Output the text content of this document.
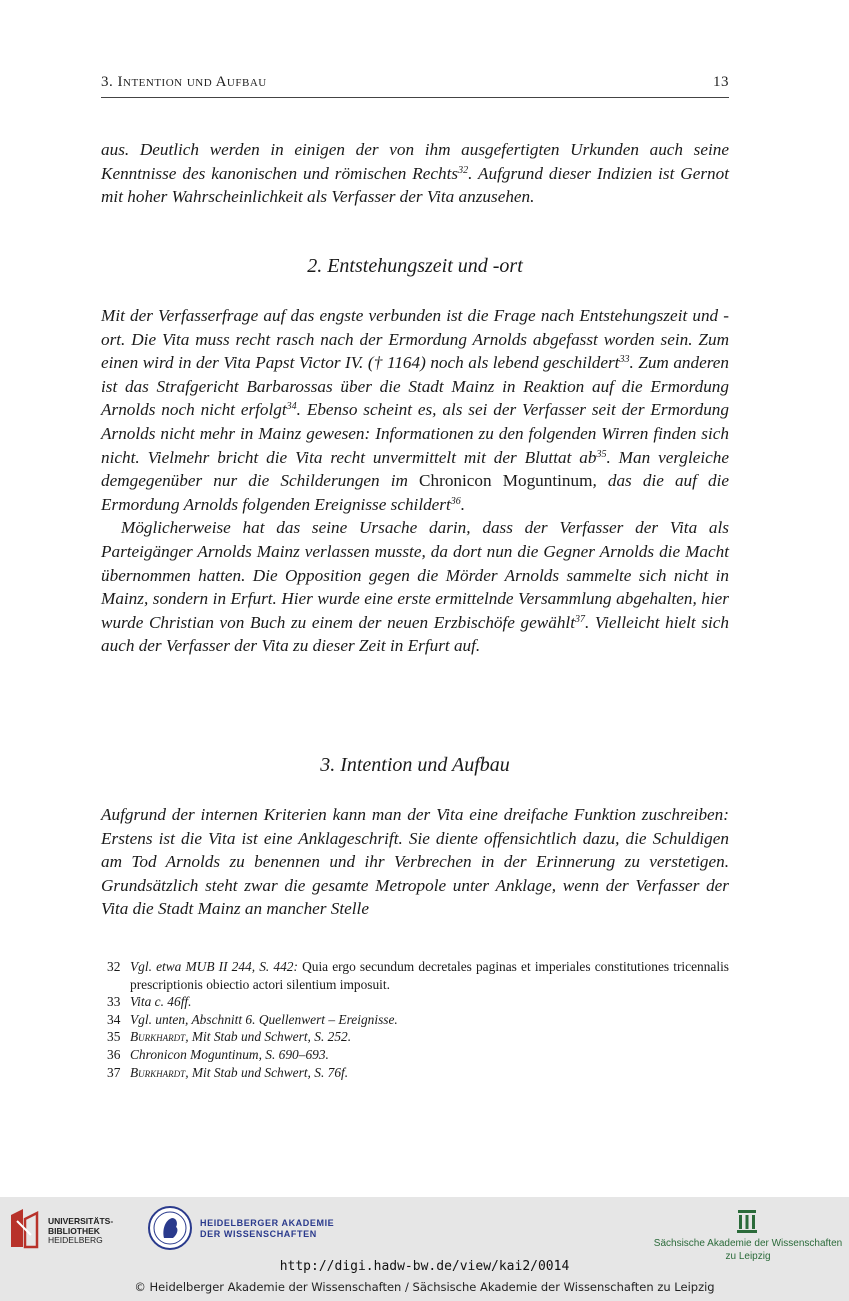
3. Intention und Aufbau	13

aus. Deutlich werden in einigen der von ihm ausgefertigten Urkunden auch seine Kenntnisse des kanonischen und römischen Rechts$^{32}$. Aufgrund dieser Indizien ist Gernot mit hoher Wahrscheinlichkeit als Verfasser der Vita anzusehen.

2. Entstehungszeit und -ort

Mit der Verfasserfrage auf das engste verbunden ist die Frage nach Entstehungszeit und -ort. Die Vita muss recht rasch nach der Ermordung Arnolds abgefasst worden sein. Zum einen wird in der Vita Papst Victor IV. († 1164) noch als lebend geschildert$^{33}$. Zum anderen ist das Strafgericht Barbarossas über die Stadt Mainz in Reaktion auf die Ermordung Arnolds noch nicht erfolgt$^{34}$. Ebenso scheint es, als sei der Verfasser seit der Ermordung Arnolds nicht mehr in Mainz gewesen: Informationen zu den folgenden Wirren finden sich nicht. Vielmehr bricht die Vita recht unvermittelt mit der Bluttat $ab^{35}$. Man vergleiche demgegenüber nur die Schilderungen im Chronicon Moguntinum, das die auf die Ermordung Arnolds folgenden Ereignisse schildert$^{36}$.

Möglicherweise hat das seine Ursache darin, dass der Verfasser der Vita als Parteigänger Arnolds Mainz verlassen musste, da dort nun die Gegner Arnolds die Macht übernommen hatten. Die Opposition gegen die Mörder Arnolds sammelte sich nicht in Mainz, sondern in Erfurt. Hier wurde eine erste ermittelnde Versammlung abgehalten, hier wurde Christian von Buch zu einem der neuen Erzbischöfe gewählt$^{37}$. Vielleicht hielt sich auch der Verfasser der Vita zu dieser Zeit in Erfurt auf.

3. Intention und Aufbau

Aufgrund der internen Kriterien kann man der Vita eine dreifache Funktion zuschreiben: Erstens ist die Vita ist eine Anklageschrift. Sie diente offensichtlich dazu, die Schuldigen am Tod Arnolds zu benennen und ihr Verbrechen in der Erinnerung zu verstetigen. Grundsätzlich steht zwar die gesamte Metropole unter Anklage, wenn der Verfasser der Vita die Stadt Mainz an mancher Stelle

32 Vgl. etwa MUB II 244, S. 442: Quia ergo secundum decretales paginas et imperiales constitutiones tricennalis prescriptionis obiectio actori silentium imposuit.
33 Vita c. 46ff.
34 Vgl. unten, Abschnitt 6. Quellenwert – Ereignisse.
35 Burkhardt, Mit Stab und Schwert, S. 252.
36 Chronicon Moguntinum, S. 690–693.
37 Burkhardt, Mit Stab und Schwert, S. 76f.
UNIVERSITÄTS-
BIBLIOTHEK
HEIDELBERG
HEIDELBERGER AKADEMIE
DER WISSENSCHAFTEN
Sächsische Akademie der Wissenschaften
zu Leipzig
http://digi.hadw-bw.de/view/kai2/0014
© Heidelberger Akademie der Wissenschaften / Sächsische Akademie der Wissenschaften zu Leipzig
